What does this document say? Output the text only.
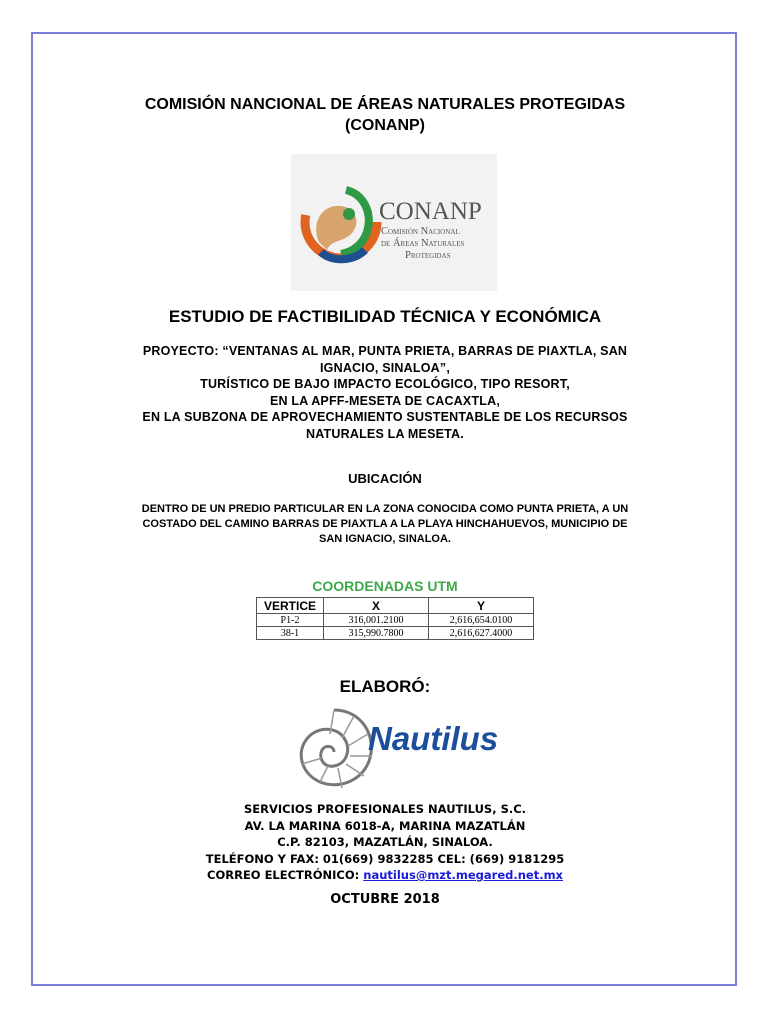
COMISIÓN NANCIONAL DE ÁREAS NATURALES PROTEGIDAS
(CONANP)
CONANP
Comisión Nacional
de Áreas Naturales
Protegidas
ESTUDIO DE FACTIBILIDAD TÉCNICA Y ECONÓMICA
PROYECTO: “VENTANAS AL MAR, PUNTA PRIETA, BARRAS DE PIAXTLA, SAN
IGNACIO, SINALOA”,
TURÍSTICO DE BAJO IMPACTO ECOLÓGICO, TIPO RESORT,
EN LA APFF-MESETA DE CACAXTLA,
EN LA SUBZONA DE APROVECHAMIENTO SUSTENTABLE DE LOS RECURSOS
NATURALES LA MESETA.
UBICACIÓN
DENTRO DE UN PREDIO PARTICULAR EN LA ZONA CONOCIDA COMO PUNTA PRIETA, A UN
COSTADO DEL CAMINO BARRAS DE PIAXTLA A LA PLAYA HINCHAHUEVOS, MUNICIPIO DE
SAN IGNACIO, SINALOA.
COORDENADAS UTM
VERTICE	X	Y
P1-2	316,001.2100	2,616,654.0100
38-1	315,990.7800	2,616,627.4000
ELABORÓ:
Nautilus
SERVICIOS PROFESIONALES NAUTILUS, S.C.
AV. LA MARINA 6018-A, MARINA MAZATLÁN
C.P. 82103, MAZATLÁN, SINALOA.
TELÉFONO Y FAX: 01(669) 9832285 CEL: (669) 9181295
CORREO ELECTRÓNICO: nautilus@mzt.megared.net.mx
OCTUBRE 2018
